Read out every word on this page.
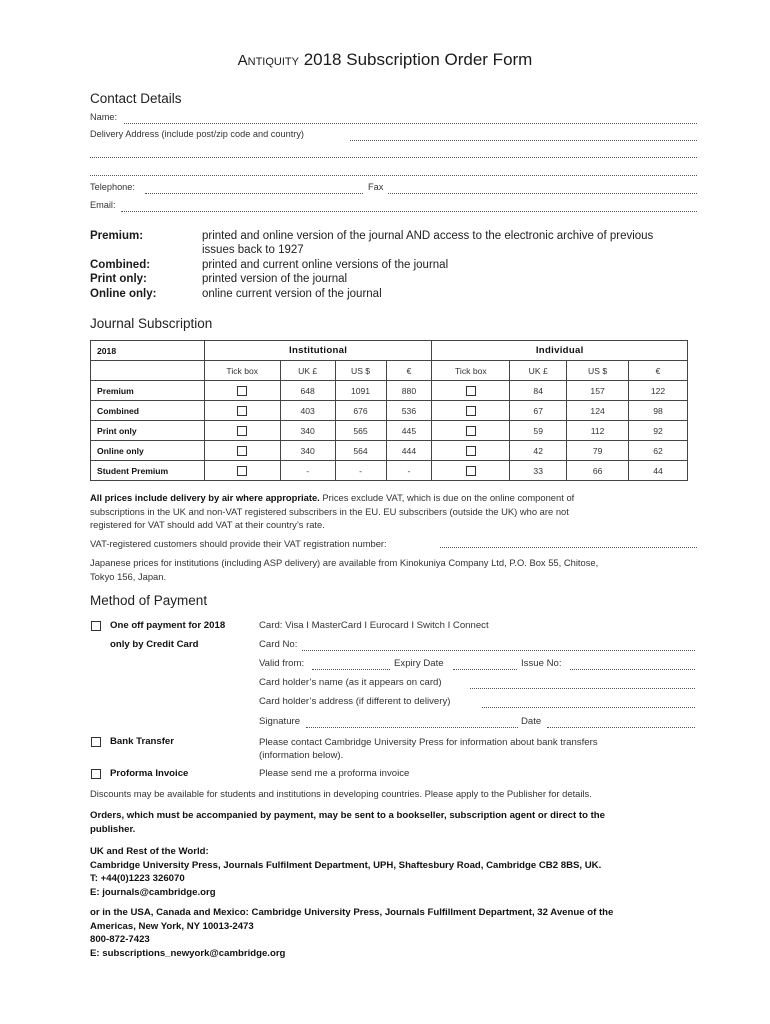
Antiquity 2018 Subscription Order Form
Contact Details
Name:
Delivery Address (include post/zip code and country)
Telephone:	Fax
Email:
Premium:	printed and online version of the journal AND access to the electronic archive of previous
issues back to 1927
Combined:	printed and current online versions of the journal
Print only:	printed version of the journal
Online only:	online current version of the journal
Journal Subscription
2018	Institutional				Individual			
	Tick box	UK £	US $	€	Tick box	UK £	US $	€
Premium		648	1091	880		84	157	122
Combined		403	676	536		67	124	98
Print only		340	565	445		59	112	92
Online only		340	564	444		42	79	62
Student Premium		-	-	-		33	66	44
All prices include delivery by air where appropriate. Prices exclude VAT, which is due on the online component of
subscriptions in the UK and non-VAT registered subscribers in the EU. EU subscribers (outside the UK) who are not
registered for VAT should add VAT at their country’s rate.
VAT-registered customers should provide their VAT registration number:
Japanese prices for institutions (including ASP delivery) are available from Kinokuniya Company Ltd, P.O. Box 55, Chitose,
Tokyo 156, Japan.
Method of Payment
One off payment for 2018
only by Credit Card
Card: Visa I MasterCard I Eurocard I Switch I Connect
Card No:
Valid from:	Expiry Date	Issue No:
Card holder’s name (as it appears on card)
Card holder’s address (if different to delivery)
Signature	Date
Bank Transfer	Please contact Cambridge University Press for information about bank transfers
(information below).
Proforma Invoice	Please send me a proforma invoice
Discounts may be available for students and institutions in developing countries. Please apply to the Publisher for details.
Orders, which must be accompanied by payment, may be sent to a bookseller, subscription agent or direct to the
publisher.
UK and Rest of the World:
Cambridge University Press, Journals Fulfilment Department, UPH, Shaftesbury Road, Cambridge CB2 8BS, UK.
T: +44(0)1223 326070
E: journals@cambridge.org
or in the USA, Canada and Mexico: Cambridge University Press, Journals Fulfillment Department, 32 Avenue of the
Americas, New York, NY 10013-2473
800-872-7423
E: subscriptions_newyork@cambridge.org
